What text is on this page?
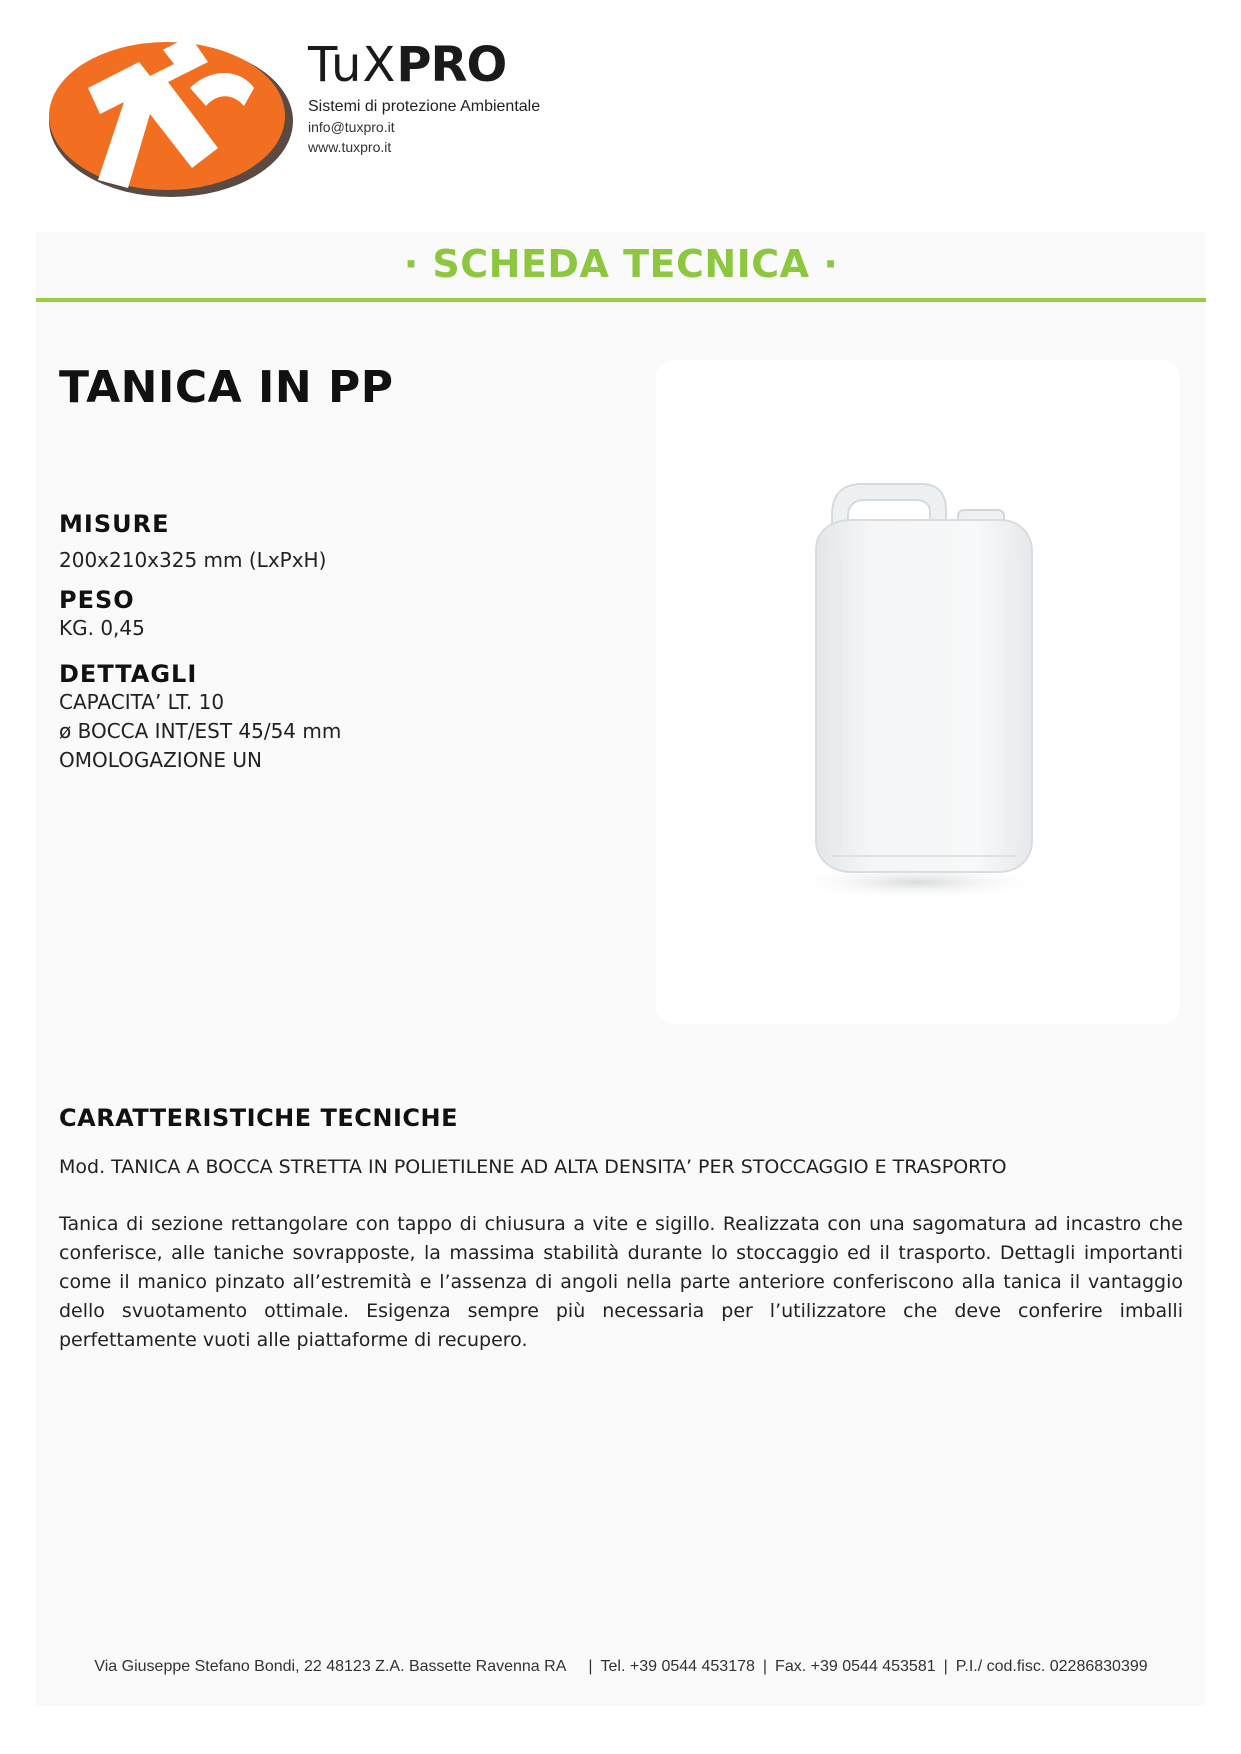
TuXPRO
Sistemi di protezione Ambientale
info@tuxpro.it
www.tuxpro.it
· SCHEDA TECNICA ·
TANICA IN PP
MISURE
200x210x325 mm (LxPxH)
PESO
KG. 0,45
DETTAGLI
CAPACITA’ LT. 10
ø BOCCA INT/EST 45/54 mm
OMOLOGAZIONE UN
CARATTERISTICHE TECNICHE
Mod. TANICA A BOCCA STRETTA IN POLIETILENE AD ALTA DENSITA’ PER STOCCAGGIO E TRASPORTO
Tanica di sezione rettangolare con tappo di chiusura a vite e sigillo. Realizzata con una sagomatura ad incastro che conferisce, alle taniche sovrapposte, la massima stabilità durante lo stoccaggio ed il trasporto. Dettagli importanti come il manico pinzato all’estremità e l’assenza di angoli nella parte anteriore conferiscono alla tanica il vantaggio dello svuotamento ottimale. Esigenza sempre più necessaria per l’utilizzatore che deve conferire imballi perfettamente vuoti alle piattaforme di recupero.
Via Giuseppe Stefano Bondi, 22 48123 Z.A. Bassette Ravenna RA | Tel. +39 0544 453178 | Fax. +39 0544 453581 | P.I./ cod.fisc. 02286830399
